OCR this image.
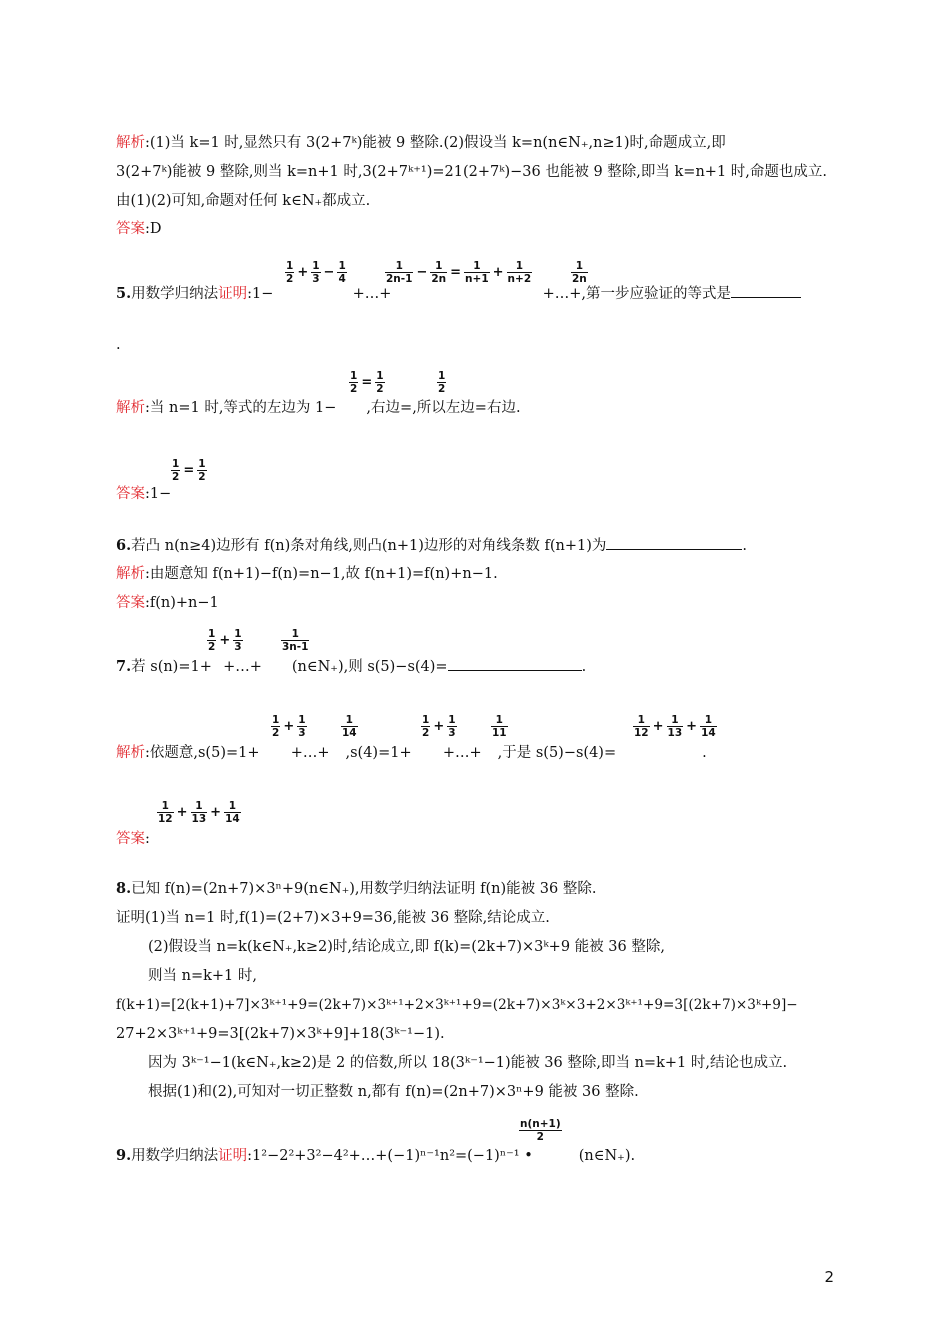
解析:(1)当 k=1 时,显然只有 3(2+7ᵏ)能被 9 整除.(2)假设当 k=n(n∈N₊,n≥1)时,命题成立,即
3(2+7ᵏ)能被 9 整除,则当 k=n+1 时,3(2+7ᵏ⁺¹)=21(2+7ᵏ)−36 也能被 9 整除,即当 k=n+1 时,命题也成立.
由(1)(2)可知,命题对任何 k∈N₊都成立.
答案:D
$\frac{1}{2} + \frac{1}{3} - \frac{1}{4}$	$\frac{1}{2n-1} - \frac{1}{2n} = \frac{1}{n+1} + \frac{1}{n+2}$	$\frac{1}{2n}$
5.用数学归纳法证明:1−	+…+	+…+,第一步应验证的等式是
.
$\frac{1}{2} = \frac{1}{2}$	$\frac{1}{2}$
解析:当 n=1 时,等式的左边为 1− ,右边=,所以左边=右边.
$\frac{1}{2} = \frac{1}{2}$
答案:1−
6.若凸 n(n≥4)边形有 f(n)条对角线,则凸(n+1)边形的对角线条数 f(n+1)为	.
解析:由题意知 f(n+1)−f(n)=n−1,故 f(n+1)=f(n)+n−1.
答案:f(n)+n−1
$\frac{1}{2} + \frac{1}{3}$	$\frac{1}{3n-1}$
7.若 s(n)=1+ +…+ (n∈N₊),则 s(5)−s(4)=	.
$\frac{1}{2} + \frac{1}{3}$	$\frac{1}{14}$	$\frac{1}{2} + \frac{1}{3}$	$\frac{1}{11}$	$\frac{1}{12} + \frac{1}{13} + \frac{1}{14}$
解析:依题意,s(5)=1+ +…+ ,s(4)=1+ +…+ ,于是 s(5)−s(4)=	.
$\frac{1}{12} + \frac{1}{13} + \frac{1}{14}$
答案:
8.已知 f(n)=(2n+7)×3ⁿ+9(n∈N₊),用数学归纳法证明 f(n)能被 36 整除.
证明(1)当 n=1 时,f(1)=(2+7)×3+9=36,能被 36 整除,结论成立.
(2)假设当 n=k(k∈N₊,k≥2)时,结论成立,即 f(k)=(2k+7)×3ᵏ+9 能被 36 整除,
则当 n=k+1 时,
f(k+1)=[2(k+1)+7]×3ᵏ⁺¹+9=(2k+7)×3ᵏ⁺¹+2×3ᵏ⁺¹+9=(2k+7)×3ᵏ×3+2×3ᵏ⁺¹+9=3[(2k+7)×3ᵏ+9]−
27+2×3ᵏ⁺¹+9=3[(2k+7)×3ᵏ+9]+18(3ᵏ⁻¹−1).
因为 3ᵏ⁻¹−1(k∈N₊,k≥2)是 2 的倍数,所以 18(3ᵏ⁻¹−1)能被 36 整除,即当 n=k+1 时,结论也成立.
根据(1)和(2),可知对一切正整数 n,都有 f(n)=(2n+7)×3ⁿ+9 能被 36 整除.
$\frac{n(n+1)}{2}$
9.用数学归纳法证明:1²−2²+3²−4²+…+(−1)ⁿ⁻¹n²=(−1)ⁿ⁻¹ •	(n∈N₊).
2
